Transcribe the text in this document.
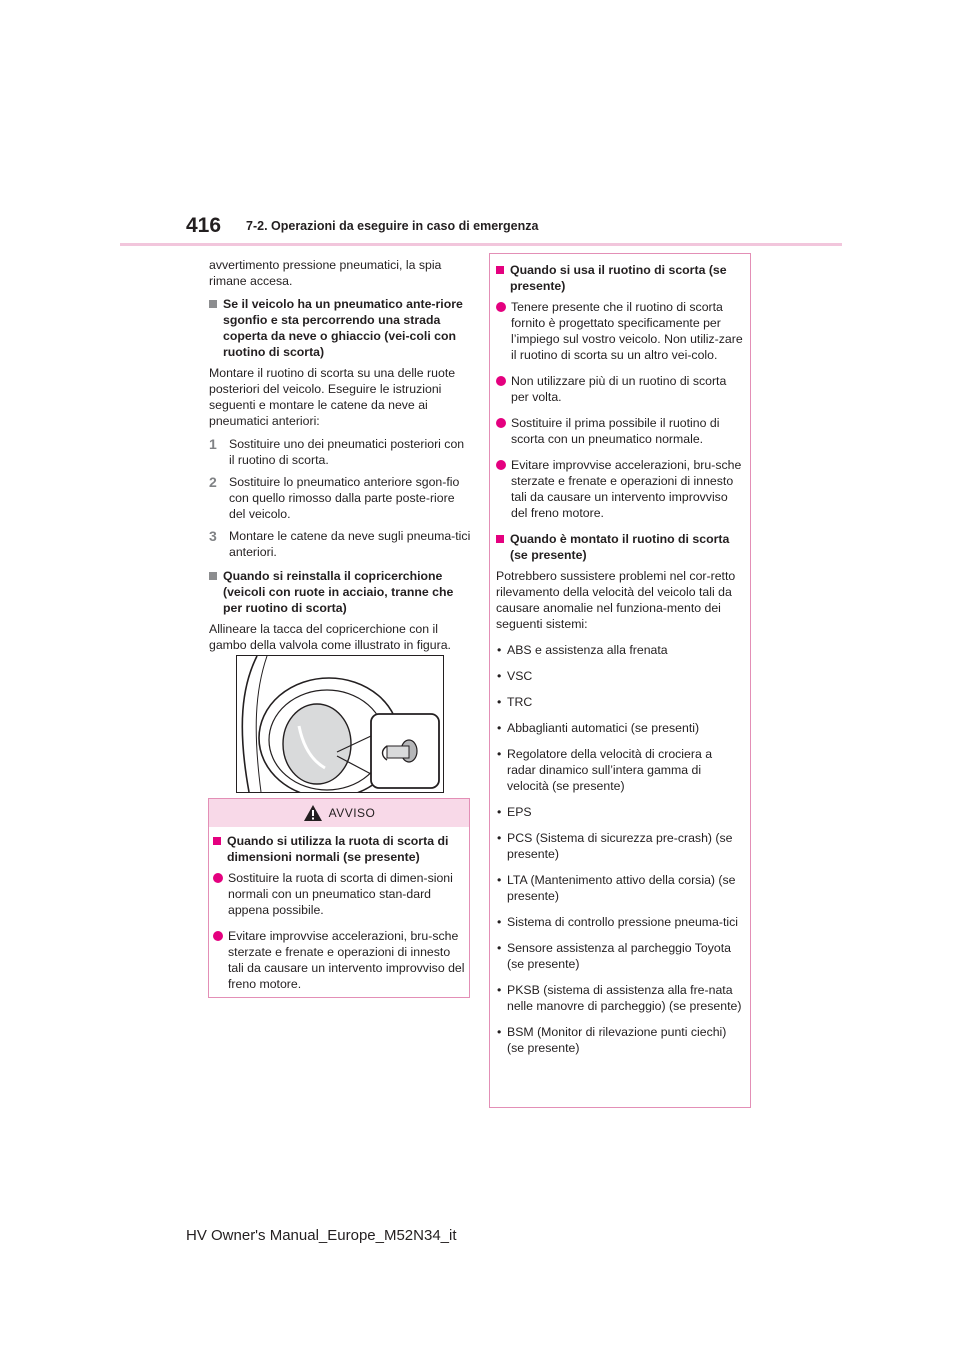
416 7-2. Operazioni da eseguire in caso di emergenza

avvertimento pressione pneumatici, la spia rimane accesa.

Se il veicolo ha un pneumatico ante-riore sgonfio e sta percorrendo una strada coperta da neve o ghiaccio (vei-coli con ruotino di scorta)

Montare il ruotino di scorta su una delle ruote posteriori del veicolo. Eseguire le istruzioni seguenti e montare le catene da neve ai pneumatici anteriori:

1 Sostituire uno dei pneumatici posteriori con il ruotino di scorta.
2 Sostituire lo pneumatico anteriore sgon-fio con quello rimosso dalla parte poste-riore del veicolo.
3 Montare le catene da neve sugli pneuma-tici anteriori.
Quando si reinstalla il copricerchione (veicoli con ruote in acciaio, tranne che per ruotino di scorta)

Allineare la tacca del copricerchione con il gambo della valvola come illustrato in figura.

AVVISO
Quando si utilizza la ruota di scorta di dimensioni normali (se presente)
Sostituire la ruota di scorta di dimen-sioni normali con un pneumatico stan-dard appena possibile.
Evitare improvvise accelerazioni, bru-sche sterzate e frenate e operazioni di innesto tali da causare un intervento improvviso del freno motore.
Quando si usa il ruotino di scorta (se presente)
Tenere presente che il ruotino di scorta fornito è progettato specificamente per l’impiego sul vostro veicolo. Non utiliz-zare il ruotino di scorta su un altro vei-colo.
Non utilizzare più di un ruotino di scorta per volta.
Sostituire il prima possibile il ruotino di scorta con un pneumatico normale.
Evitare improvvise accelerazioni, bru-sche sterzate e frenate e operazioni di innesto tali da causare un intervento improvviso del freno motore.
Quando è montato il ruotino di scorta (se presente)

Potrebbero sussistere problemi nel cor-retto rilevamento della velocità del veicolo tali da causare anomalie nel funziona-mento dei seguenti sistemi:

• ABS e assistenza alla frenata
• VSC
• TRC
• Abbaglianti automatici (se presenti)
• Regolatore della velocità di crociera a radar dinamico sull’intera gamma di velocità (se presente)
• EPS
• PCS (Sistema di sicurezza pre-crash) (se presente)
• LTA (Mantenimento attivo della corsia) (se presente)
• Sistema di controllo pressione pneuma-tici
• Sensore assistenza al parcheggio Toyota (se presente)
• PKSB (sistema di assistenza alla fre-nata nelle manovre di parcheggio) (se presente)
• BSM (Monitor di rilevazione punti ciechi) (se presente)
HV Owner's Manual_Europe_M52N34_it
